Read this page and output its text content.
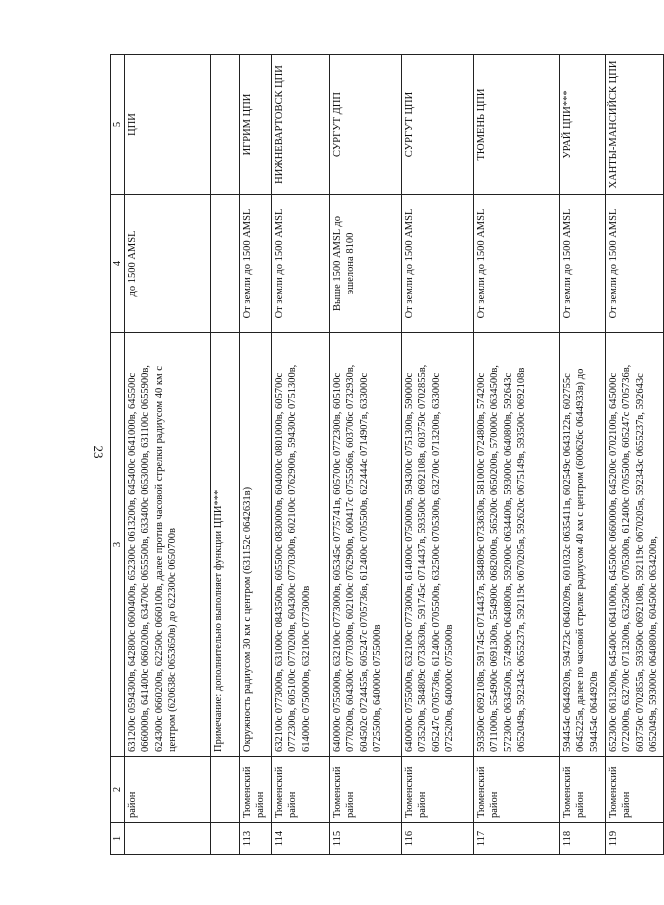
23
1	2	3	4	5
	район	631200с 0594300в, 642800с 0600400в, 652300с 0613200в, 645400с 0641000в, 645500с 0660000в, 641400с 0660200в, 634700с 0655500в, 633400с 0653000в, 631100с 0655900в, 624300с 0660200в, 622500с 0660100в, далее против часовой стрелки радиусом 40 км с центром (620638с 0653650в) до 622300с 0650700в	до 1500 AMSL	ЦПИ
		Примечание: дополнительно выполняет функции ЦПИ***		
113	Тюменский район	Окружность радиусом 30 км с центром (631152с 0642631в)	От земли до 1500 AMSL	ИГРИМ ЦПИ
114	Тюменский район	632100с 0773000в, 631000с 0843500в, 605500с 0830000в, 604000с 0801000в, 605700с 0772300в, 605100с 0770200в, 604300с 0770300в, 602100с 0762900в, 594300с 0751300в, 614000с 0750000в, 632100с 0773000в	От земли до 1500 AMSL	НИЖНЕВАРТОВСК ЦПИ
115	Тюменский район	640000с 0755000в, 632100с 0773000в, 605345с 0775741в, 605700с 0772300в, 605100с 0770200в, 604300с 0770300в, 602100с 0762900в, 600417с 0755506в, 603706с 0732930в, 604502с 0724455в, 605247с 0705736в, 612400с 0705500в, 622444с 0714907в, 633000с 0725500в, 640000с 0755000в	Выше 1500 AMSL до эшелона 8100	СУРГУТ ДПП
116	Тюменский район	640000с 0755000в, 632100с 0773000в, 614000с 0750000в, 594300с 0751300в, 590000с 0735200в, 584809с 0733630в, 591745с 0714437в, 593500с 0692108в, 603750с 0702855в, 605247с 0705736в, 612400с 0705500в, 632500с 0705300в, 632700с 0713200в, 633000с 0725200в, 640000с 0755000в	От земли до 1500 AMSL	СУРГУТ ЦПИ
117	Тюменский район	593500с 0692108в, 591745с 0714437в, 584809с 0733630в, 581000с 0724800в, 574200с 0711000в, 554900с 0691300в, 554900с 0682000в, 565200с 0650200в, 570000с 0634500в, 572300с 0634500в, 574900с 0640800в, 592000с 0634400в, 593000с 0640800в, 592643с 0652049в, 592343с 0655237в, 592119с 0670205в, 592620с 0675149в, 593500с 0692108в	От земли до 1500 AMSL	ТЮМЕНЬ ЦПИ
118	Тюменский район	594454с 0644920в, 594723с 0640209в, 601032с 0635411в, 602549с 0643122в, 602755с 0645225в, далее по часовой стрелке радиусом 40 км с центром (600626с 0644933в) до 594454с 0644920в	От земли до 1500 AMSL	УРАЙ ЦПИ***
119	Тюменский район	652300с 0613200в, 645400с 0641000в, 645500с 0660000в, 645200с 0702100в, 645000с 0722000в, 632700с 0713200в, 632500с 0705300в, 612400с 0705500в, 605247с 0705736в, 603750с 0702855в, 593500с 0692108в, 592119с 0670205в, 592343с 0655237в, 592643с 0652049в, 593000с 0640800в, 604500с 0634200в,	От земли до 1500 AMSL	ХАНТЫ-МАНСИЙСК ЦПИ
